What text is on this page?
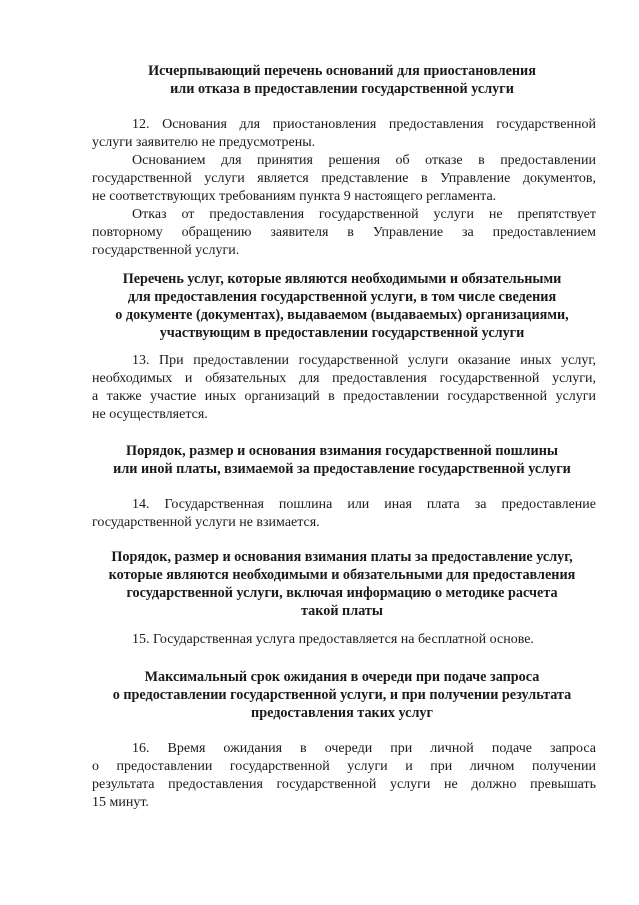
Исчерпывающий перечень оснований для приостановления
или отказа в предоставлении государственной услуги
12. Основания для приостановления предоставления государственной
услуги заявителю не предусмотрены.
Основанием для принятия решения об отказе в предоставлении
государственной услуги является представление в Управление документов,
не соответствующих требованиям пункта 9 настоящего регламента.
Отказ от предоставления государственной услуги не препятствует
повторному обращению заявителя в Управление за предоставлением
государственной услуги.
Перечень услуг, которые являются необходимыми и обязательными
для предоставления государственной услуги, в том числе сведения
о документе (документах), выдаваемом (выдаваемых) организациями,
участвующим в предоставлении государственной услуги
13. При предоставлении государственной услуги оказание иных услуг,
необходимых и обязательных для предоставления государственной услуги,
а также участие иных организаций в предоставлении государственной услуги
не осуществляется.
Порядок, размер и основания взимания государственной пошлины
или иной платы, взимаемой за предоставление государственной услуги
14. Государственная пошлина или иная плата за предоставление
государственной услуги не взимается.
Порядок, размер и основания взимания платы за предоставление услуг,
которые являются необходимыми и обязательными для предоставления
государственной услуги, включая информацию о методике расчета
такой платы
15. Государственная услуга предоставляется на бесплатной основе.
Максимальный срок ожидания в очереди при подаче запроса
о предоставлении государственной услуги, и при получении результата
предоставления таких услуг
16. Время ожидания в очереди при личной подаче запроса
о предоставлении государственной услуги и при личном получении
результата предоставления государственной услуги не должно превышать
15 минут.
